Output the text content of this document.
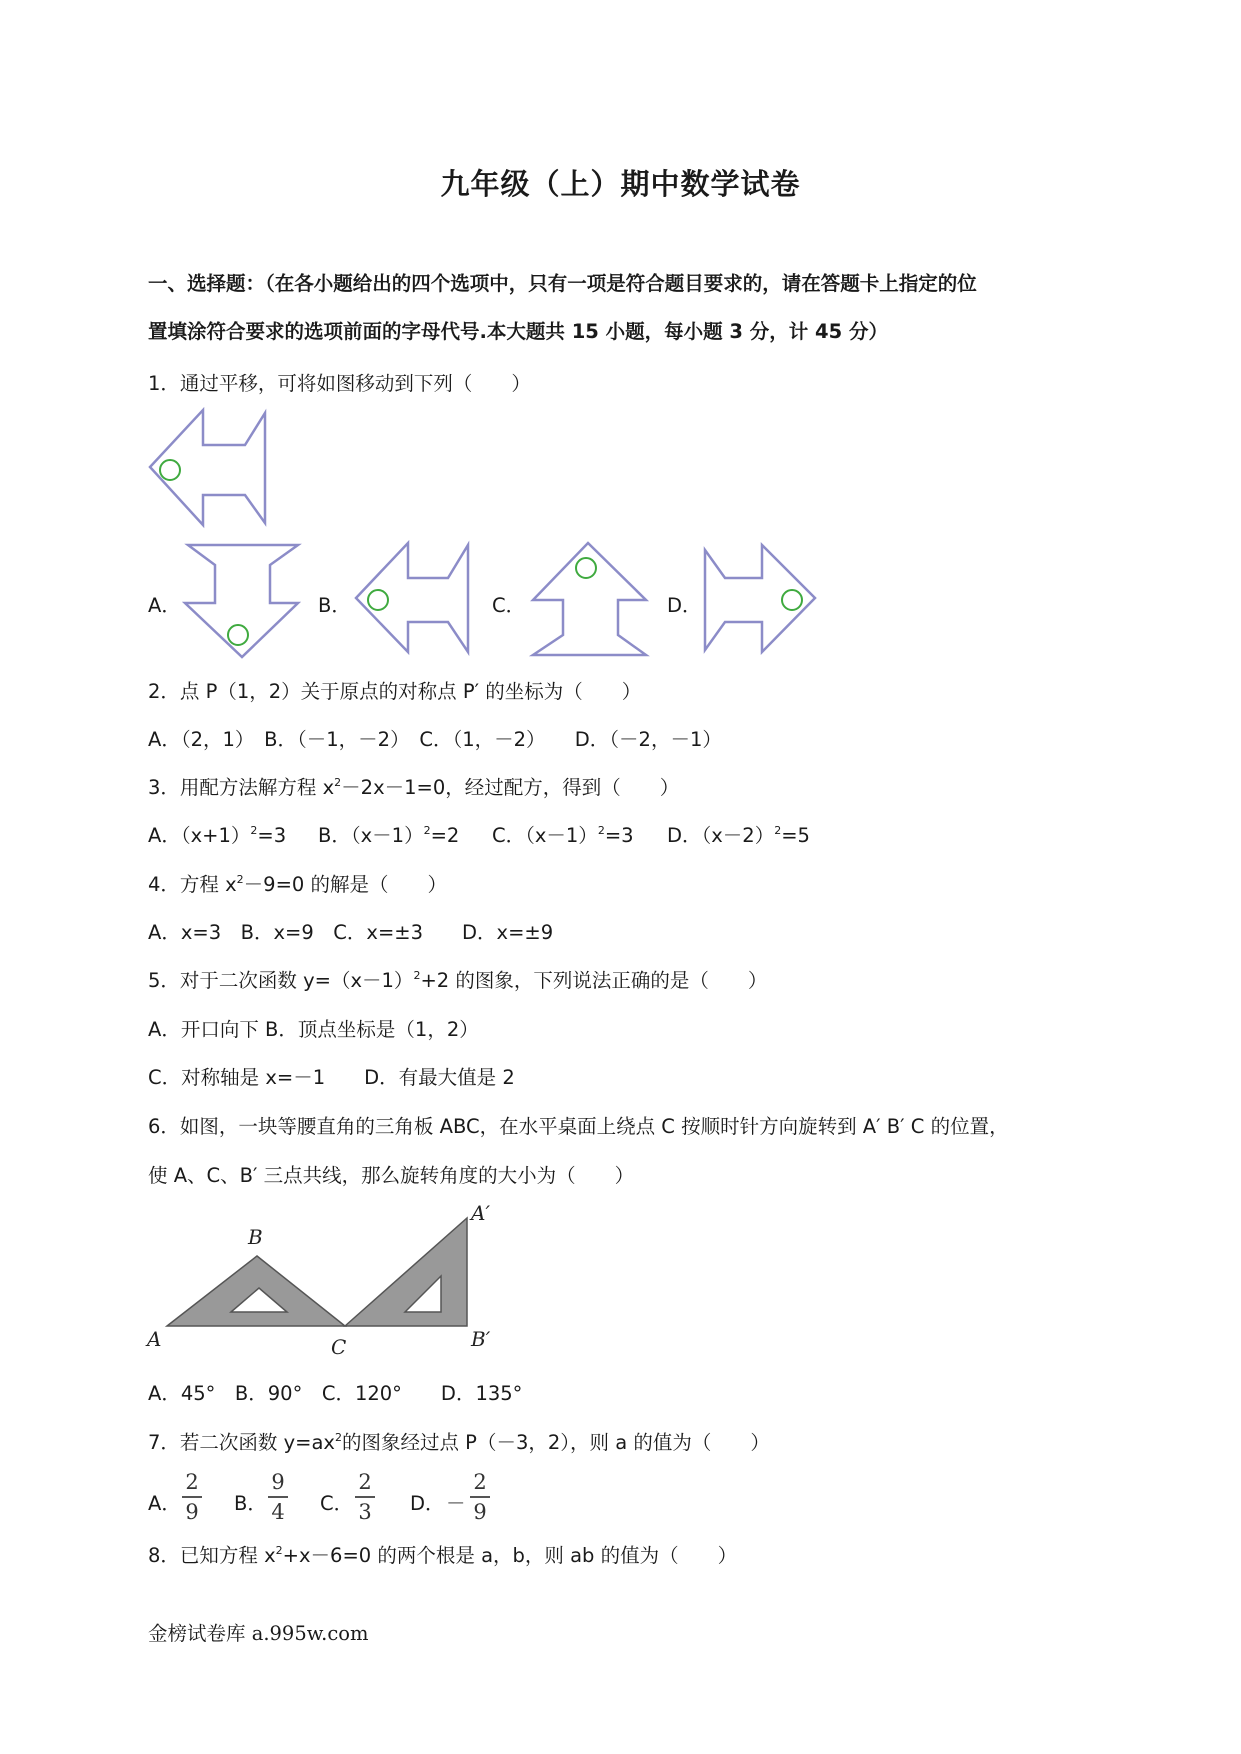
九年级（上）期中数学试卷
一、选择题：（在各小题给出的四个选项中，只有一项是符合题目要求的，请在答题卡上指定的位
置填涂符合要求的选项前面的字母代号.本大题共 15 小题，每小题 3 分，计 45 分）
1．通过平移，可将如图移动到下列（　　）
A．	B．	C．	D．
2．点 P（1，2）关于原点的对称点 P′ 的坐标为（　　）
A．（2，1）　B．（－1，－2）　C．（1，－2）　　D．（－2，－1）
3．用配方法解方程 $x^2-2x-1=0$，经过配方，得到（　　）
A．$(x+1)^2=3$ B．$(x-1)^2=2$ C．$(x-1)^2=3$ D．$(x-2)^2=5$
4．方程 $x^2-9=0$ 的解是（　　）
A．x=3　B．x=9　C．x=±3　　D．x=±9
5．对于二次函数 $y=(x-1)^2+2$ 的图象，下列说法正确的是（　　）
A．开口向下 B．顶点坐标是（1，2）
C．对称轴是 x=－1　　D．有最大值是 2
6．如图，一块等腰直角的三角板 ABC，在水平桌面上绕点 C 按顺时针方向旋转到 A′ B′ C 的位置，
使 A、C、B′ 三点共线，那么旋转角度的大小为（　　）
A
B
C
A′
B′
A．45°　B．90°　C．120°　　D．135°
7．若二次函数 $y=ax^2$的图象经过点 P（－3，2），则 a 的值为（　　）
A．
2
9 B．
9
4 C．
2
3 D． －
2
9
8．已知方程 $x^2+x-6=0$ 的两个根是 a，b，则 ab 的值为（　　）
金榜试卷库 a.995w.com
